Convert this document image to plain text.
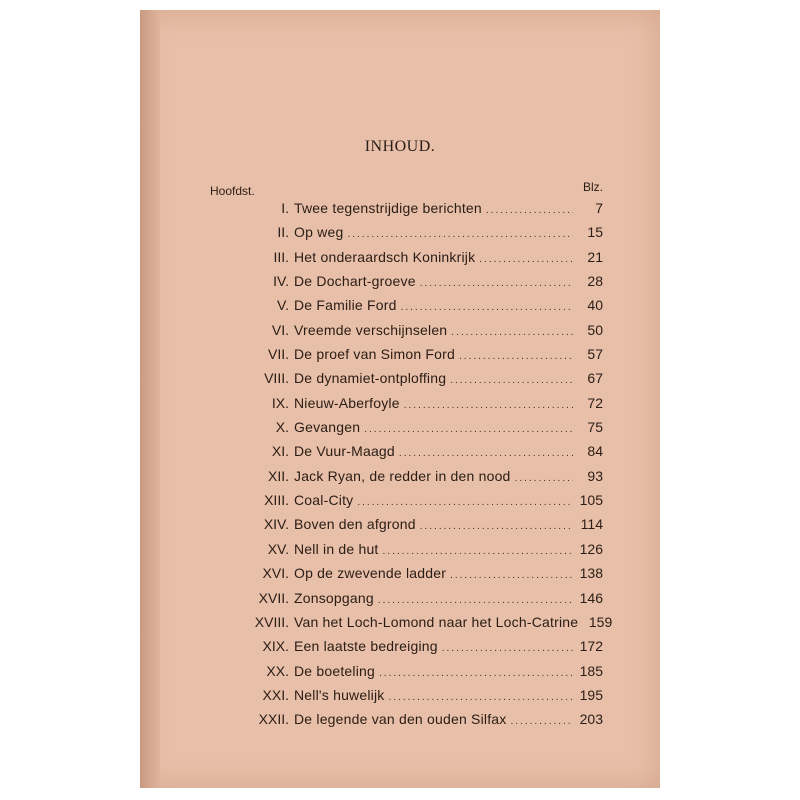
INHOUD.
Hoofdst.	Blz.
I. Twee tegenstrijdige berichten .....	7
II. Op weg .....	15
III. Het onderaardsch Koninkrijk .....	21
IV. De Dochart-groeve .....	28
V. De Familie Ford .....	40
VI. Vreemde verschijnselen .....	50
VII. De proef van Simon Ford .....	57
VIII. De dynamiet-ontploffing .....	67
IX. Nieuw-Aberfoyle .....	72
X. Gevangen .....	75
XI. De Vuur-Maagd .....	84
XII. Jack Ryan, de redder in den nood .....	93
XIII. Coal-City .....	105
XIV. Boven den afgrond .....	114
XV. Nell in de hut .....	126
XVI. Op de zwevende ladder .....	138
XVII. Zonsopgang .....	146
XVIII. Van het Loch-Lomond naar het Loch-Catrine 159
XIX. Een laatste bedreiging .....	172
XX. De boeteling .....	185
XXI. Nell's huwelijk .....	195
XXII. De legende van den ouden Silfax .....	203
